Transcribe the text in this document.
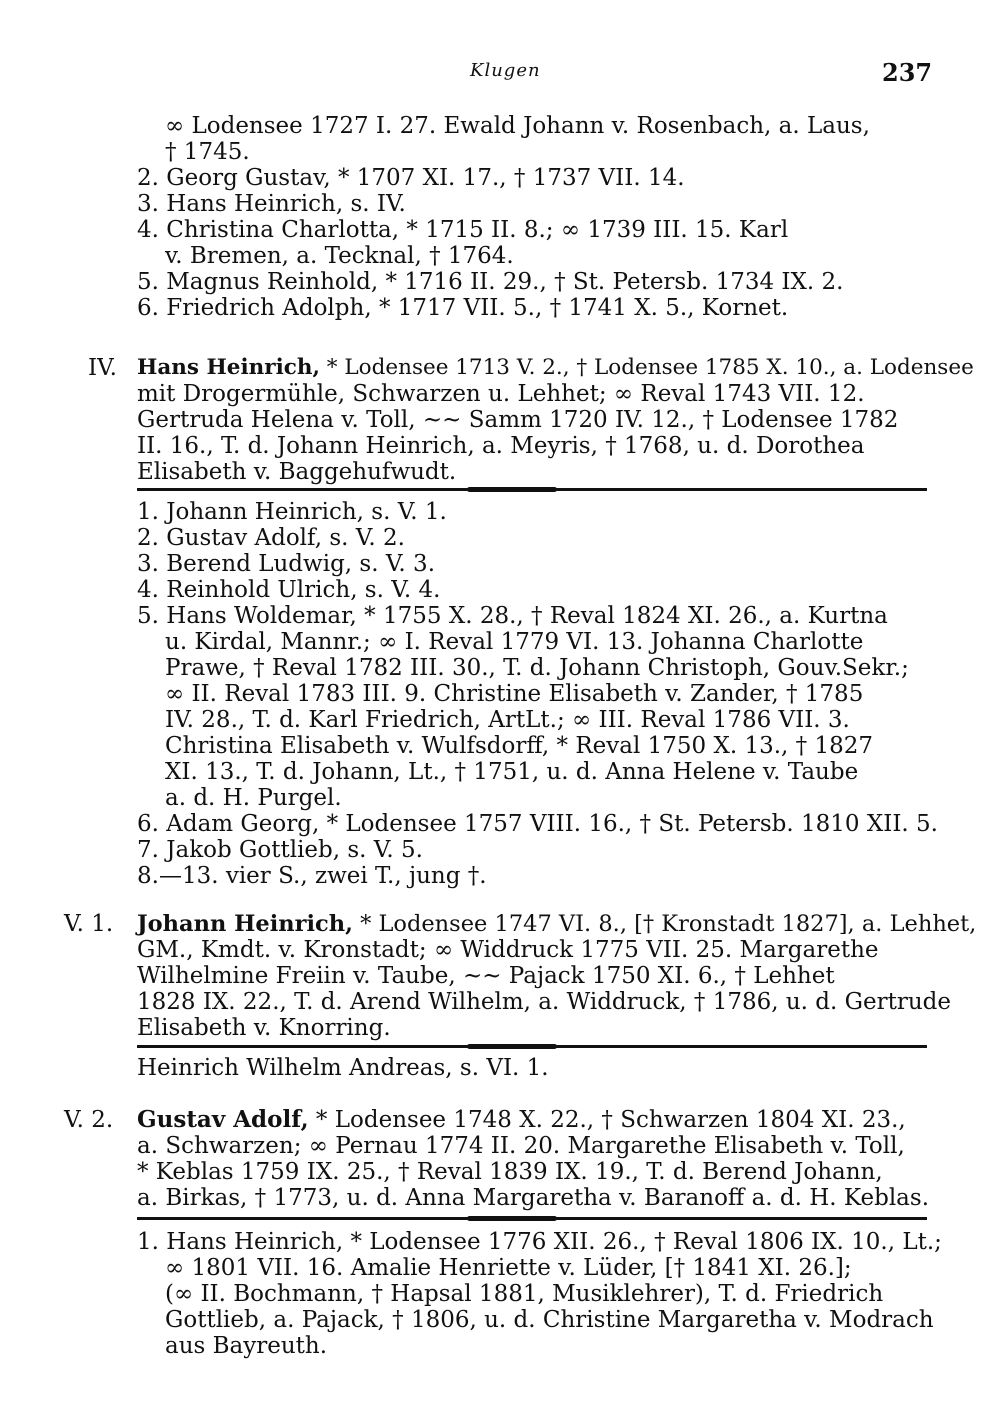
Klugen	237
∞ Lodensee 1727 I. 27. Ewald Johann v. Rosenbach, a. Laus,
† 1745.
2. Georg Gustav, * 1707 XI. 17., † 1737 VII. 14.
3. Hans Heinrich, s. IV.
4. Christina Charlotta, * 1715 II. 8.; ∞ 1739 III. 15. Karl
v. Bremen, a. Tecknal, † 1764.
5. Magnus Reinhold, * 1716 II. 29., † St. Petersb. 1734 IX. 2.
6. Friedrich Adolph, * 1717 VII. 5., † 1741 X. 5., Kornet.
IV. Hans Heinrich, * Lodensee 1713 V. 2., † Lodensee 1785 X. 10., a. Lodensee
mit Drogermühle, Schwarzen u. Lehhet; ∞ Reval 1743 VII. 12.
Gertruda Helena v. Toll, ~~ Samm 1720 IV. 12., † Lodensee 1782
II. 16., T. d. Johann Heinrich, a. Meyris, † 1768, u. d. Dorothea
Elisabeth v. Baggehufwudt.
1. Johann Heinrich, s. V. 1.
2. Gustav Adolf, s. V. 2.
3. Berend Ludwig, s. V. 3.
4. Reinhold Ulrich, s. V. 4.
5. Hans Woldemar, * 1755 X. 28., † Reval 1824 XI. 26., a. Kurtna
u. Kirdal, Mannr.; ∞ I. Reval 1779 VI. 13. Johanna Charlotte
Prawe, † Reval 1782 III. 30., T. d. Johann Christoph, Gouv.Sekr.;
∞ II. Reval 1783 III. 9. Christine Elisabeth v. Zander, † 1785
IV. 28., T. d. Karl Friedrich, ArtLt.; ∞ III. Reval 1786 VII. 3.
Christina Elisabeth v. Wulfsdorff, * Reval 1750 X. 13., † 1827
XI. 13., T. d. Johann, Lt., † 1751, u. d. Anna Helene v. Taube
a. d. H. Purgel.
6. Adam Georg, * Lodensee 1757 VIII. 16., † St. Petersb. 1810 XII. 5.
7. Jakob Gottlieb, s. V. 5.
8.—13. vier S., zwei T., jung †.
V. 1. Johann Heinrich, * Lodensee 1747 VI. 8., [† Kronstadt 1827], a. Lehhet,
GM., Kmdt. v. Kronstadt; ∞ Widdruck 1775 VII. 25. Margarethe
Wilhelmine Freiin v. Taube, ~~ Pajack 1750 XI. 6., † Lehhet
1828 IX. 22., T. d. Arend Wilhelm, a. Widdruck, † 1786, u. d. Gertrude
Elisabeth v. Knorring.
Heinrich Wilhelm Andreas, s. VI. 1.
V. 2. Gustav Adolf, * Lodensee 1748 X. 22., † Schwarzen 1804 XI. 23.,
a. Schwarzen; ∞ Pernau 1774 II. 20. Margarethe Elisabeth v. Toll,
* Keblas 1759 IX. 25., † Reval 1839 IX. 19., T. d. Berend Johann,
a. Birkas, † 1773, u. d. Anna Margaretha v. Baranoff a. d. H. Keblas.
1. Hans Heinrich, * Lodensee 1776 XII. 26., † Reval 1806 IX. 10., Lt.;
∞ 1801 VII. 16. Amalie Henriette v. Lüder, [† 1841 XI. 26.];
(∞ II. Bochmann, † Hapsal 1881, Musiklehrer), T. d. Friedrich
Gottlieb, a. Pajack, † 1806, u. d. Christine Margaretha v. Modrach
aus Bayreuth.
